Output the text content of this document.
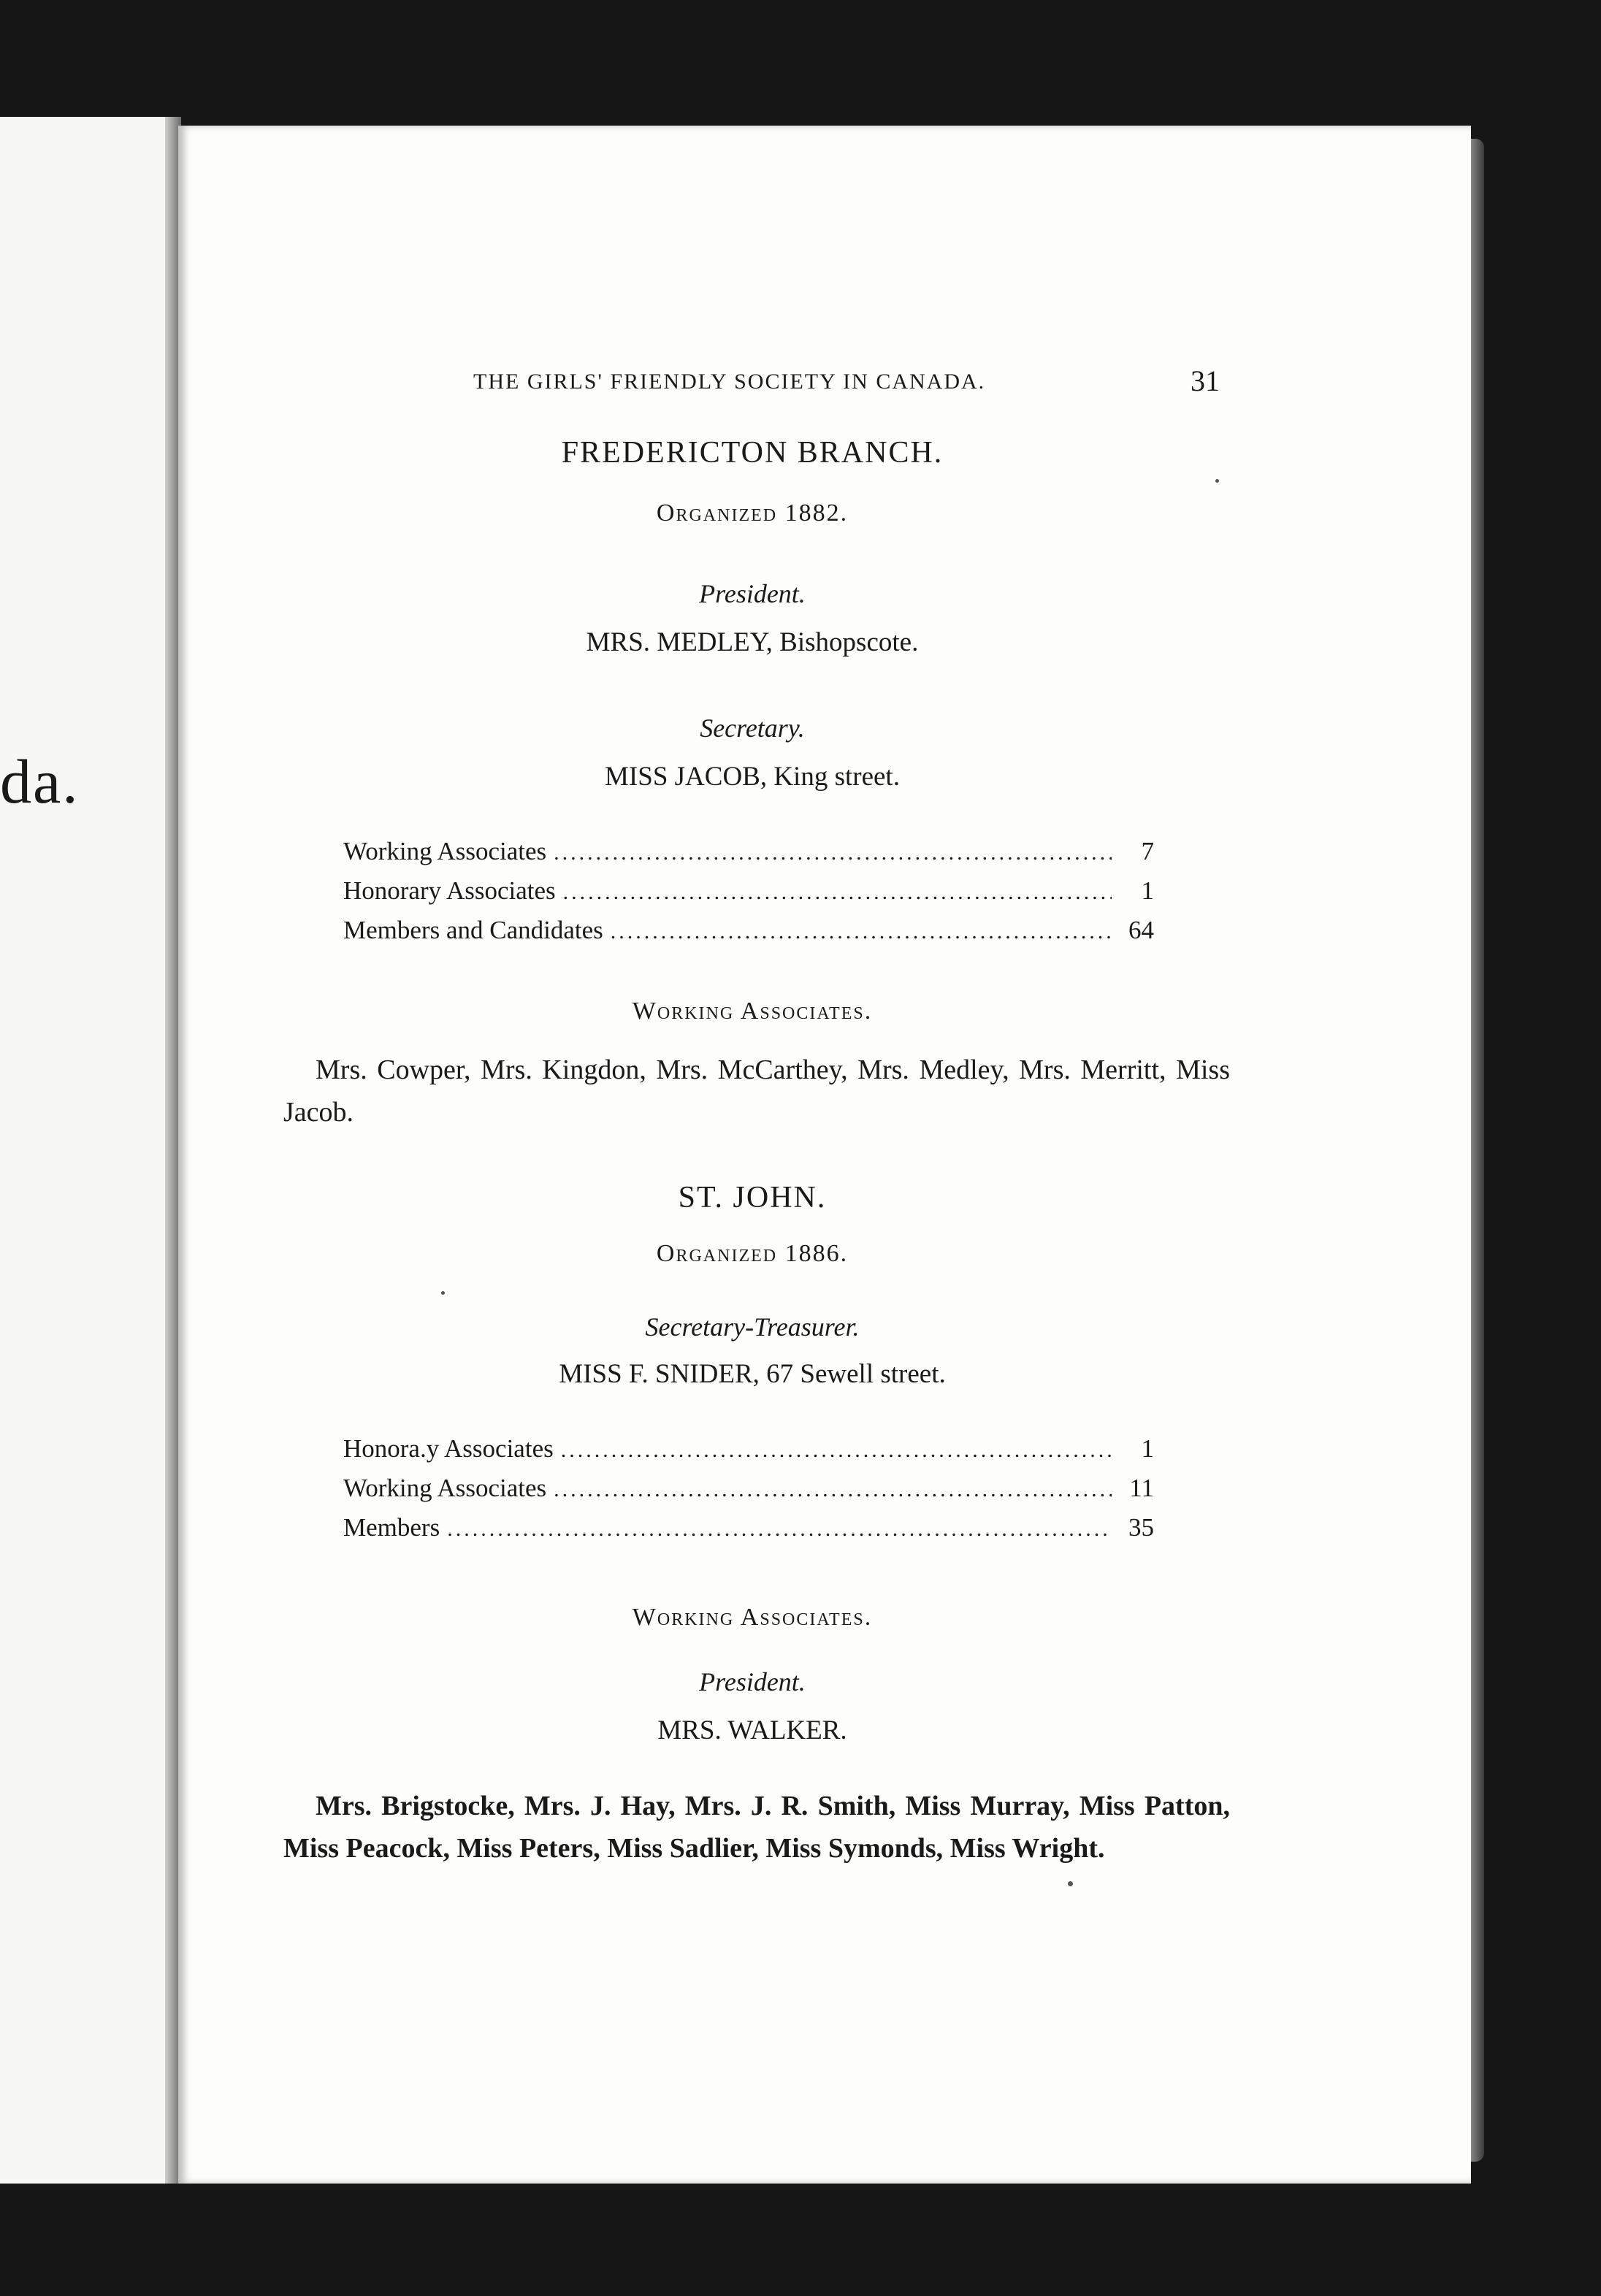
da.
THE GIRLS' FRIENDLY SOCIETY IN CANADA.	31
FREDERICTON BRANCH.
Organized 1882.
President.
MRS. MEDLEY, Bishopscote.
Secretary.
MISS JACOB, King street.
Working Associates .....	7
Honorary Associates .....	1
Members and Candidates .....	64
Working Associates.
Mrs. Cowper, Mrs. Kingdon, Mrs. McCarthey, Mrs. Medley, Mrs. Merritt, Miss Jacob.
ST. JOHN.
Organized 1886.
Secretary-Treasurer.
MISS F. SNIDER, 67 Sewell street.
Honora.y Associates .....	1
Working Associates .....	11
Members .....	35
Working Associates.
President.
MRS. WALKER.
Mrs. Brigstocke, Mrs. J. Hay, Mrs. J. R. Smith, Miss Murray, Miss Patton, Miss Peacock, Miss Peters, Miss Sadlier, Miss Symonds, Miss Wright.
